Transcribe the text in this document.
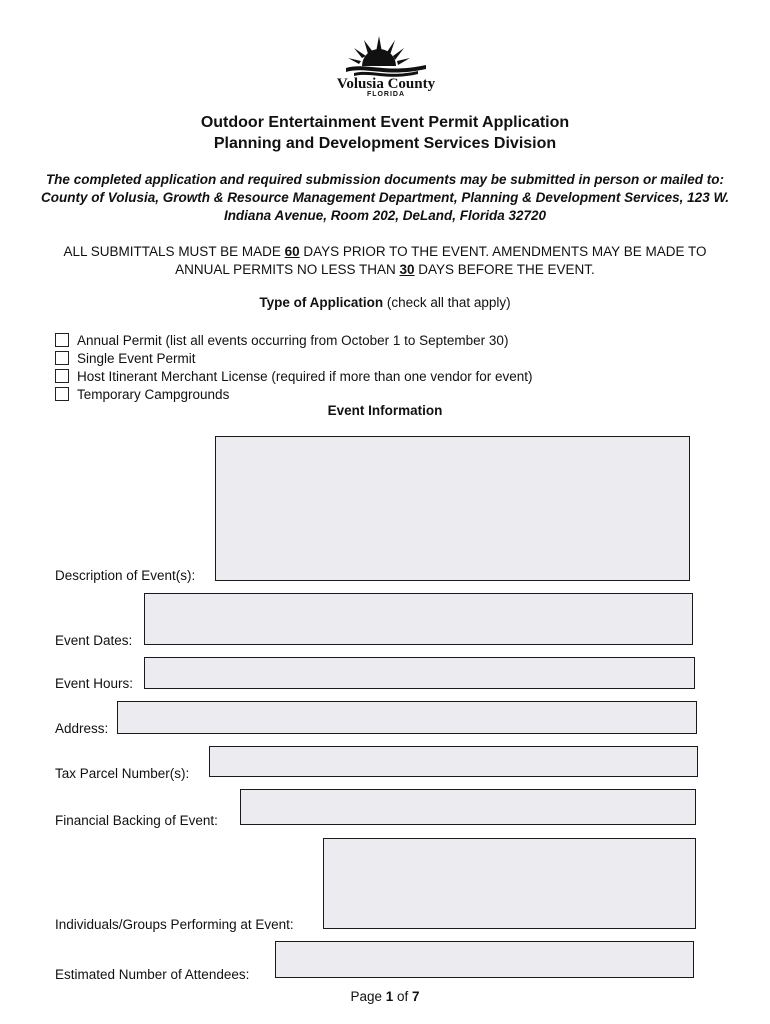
Volusia County
FLORIDA
Outdoor Entertainment Event Permit Application
Planning and Development Services Division
The completed application and required submission documents may be submitted in person or mailed to: County of Volusia, Growth & Resource Management Department, Planning & Development Services, 123 W. Indiana Avenue, Room 202, DeLand, Florida 32720
ALL SUBMITTALS MUST BE MADE 60 DAYS PRIOR TO THE EVENT. AMENDMENTS MAY BE MADE TO ANNUAL PERMITS NO LESS THAN 30 DAYS BEFORE THE EVENT.
Type of Application (check all that apply)
Annual Permit (list all events occurring from October 1 to September 30)
Single Event Permit
Host Itinerant Merchant License (required if more than one vendor for event)
Temporary Campgrounds
Event Information
Description of Event(s):
Event Dates:
Event Hours:
Address:
Tax Parcel Number(s):
Financial Backing of Event:
Individuals/Groups Performing at Event:
Estimated Number of Attendees:
Page 1 of 7
